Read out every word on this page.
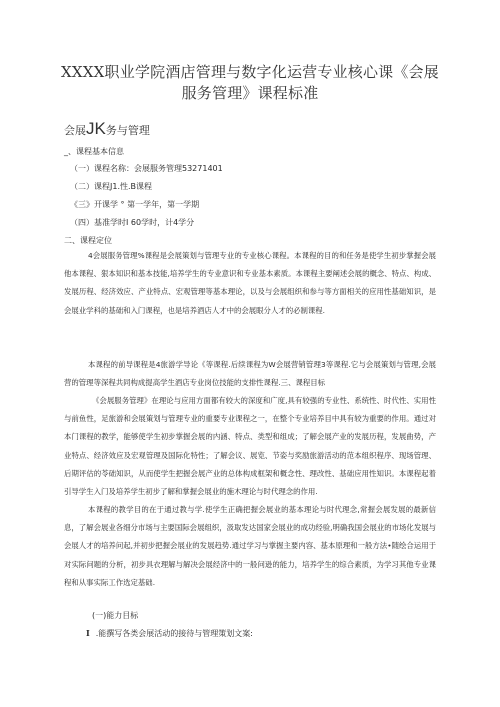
XXXX职业学院酒店管理与数字化运营专业核心课《会展服务管理》课程标准
会展JK务与管理
_、课程基本信息
（一）课程名称：会展服务管理53271401
（二）课程J1.性.B课程
《三》开课学 ° 第一学年，第一学期
（四）基准学时I 60学时，计4学分
二、课程定位
4会展服务管理%课程是会展策划与管理专业的专业核心课程。本课程的目的和任务是使学生初步掌握会展他本课程、狠本知识和基本技能,培养学生的专业意识和专业基本素质。本课程主要阐述会展的概念、特点、构成、发展历程、经济效应、产业特点、宏观管理等基本理论，以及与会展组织和参与等方面相关的应用性基础知识，是会展业学科的基础和入门课程，也是培养酒店人才中的会展眼分人才的必制课程.
本课程的前导课程是4旅游学导论《等课程.后续课程为W会展营销管理3等课程.它与会展策划与管理,会展营的管理等深程共同构成提高学生酒店专业岗位技能的支排性课程.三、课程目标
《会展服务管理》在理论与应用方面都有较大的深度和广度,具有较强的专业性、系统性、时代性、实用性与前鱼性，足旅游和会展策划与管理专业的重要专业课程之一，在整个专业培养目中具有较为重要的作用。通过对本门课程的教学，能够使学生初步掌握会展的内涵、特点、类型和组成；了解会展产业的发展历程，发展曲势，产业特点、经济效应及宏观管理及国际化特性；了解会议、展览、节姿与奖励旅游活动的范本组织程序、现场管理、后期评估的苓础知识，从而使学生把握会展产业的总体构成框架和概念性、理改性、基础应用性知识。本课程起着引导学生入门及培养学生初步了解和掌握会展业的施木理论与时代理念的作用.
本课程的教学目的在于通过教与学.使学生正确把握会展业的基本理论与时代理念,常握会展发展的最新信息，了解会展业各细分市场与主要国际会展组织，汲取发达国家会展业的成功经验,明确我国会展业的市场化发展与会展人才的培养问起,并初步把握会展业的发展趋势.通过学习与掌握主要内容、基本原理和一般方法•随绘合运用于对实际问题的分析，初步具衣理解与解决会展经济中的一般问逊的能力，培养学生的综合素质，为学习其他专业课程和从事实际工作选定基础.
(一)能力目标
I .能撰写各类会展活动的接待与管理策划文案:
